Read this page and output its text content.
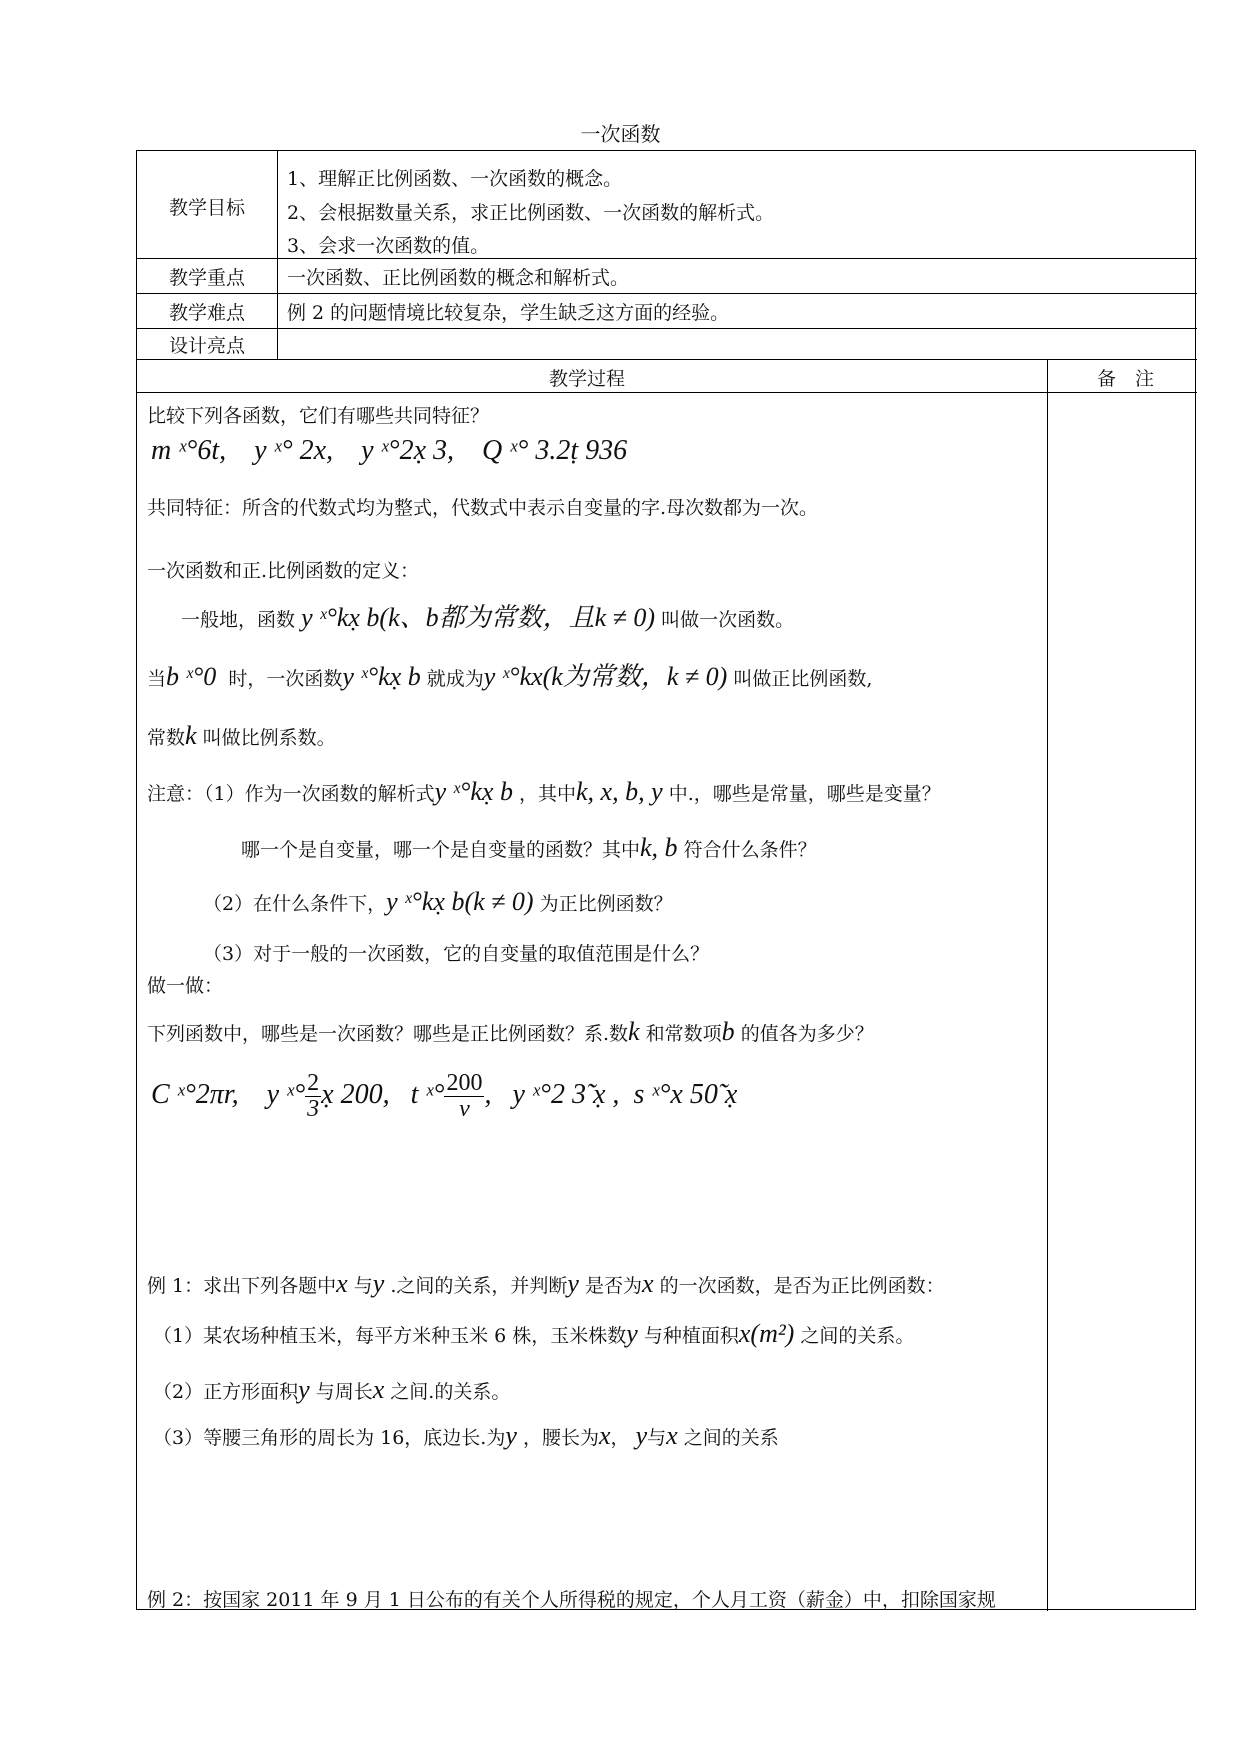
一次函数
教学目标
1、理解正比例函数、一次函数的概念。
2、会根据数量关系，求正比例函数、一次函数的解析式。
3、会求一次函数的值。
教学重点	一次函数、正比例函数的概念和解析式。
教学难点	例 2 的问题情境比较复杂，学生缺乏这方面的经验。
设计亮点
教学过程	备　注
比较下列各函数，它们有哪些共同特征？
m ˣ°6t, y ˣ° 2x, y ˣ°2x̣ 3, Q ˣ° 3.2ṭ 936
共同特征：所含的代数式均为整式，代数式中表示自变量的字.母次数都为一次。
一次函数和正.比例函数的定义：
一般地，函数 y ˣ°kx̣ b(k、b都为常数，且k ≠ 0) 叫做一次函数。
当b ˣ°0 时，一次函数y ˣ°kx̣ b 就成为y ˣ°kx(k为常数，k ≠ 0) 叫做正比例函数,
常数k 叫做比例系数。
注意：（1）作为一次函数的解析式y ˣ°kx̣ b ，其中k, x, b, y 中.，哪些是常量，哪些是变量？
哪一个是自变量，哪一个是自变量的函数？其中k, b 符合什么条件？
（2）在什么条件下，y ˣ°kx̣ b(k ≠ 0) 为正比例函数？
（3）对于一般的一次函数，它的自变量的取值范围是什么？
做一做：
下列函数中，哪些是一次函数？哪些是正比例函数？系.数k 和常数项b 的值各为多少？
C ˣ°2πr, y ˣ° $\frac{2}{3}$ x̣ 200, t ˣ° $\frac{200}{v}$ , y ˣ°2 3̃ x̣ , s ˣ°x 50̃ x̣
例 1：求出下列各题中x 与y .之间的关系，并判断y 是否为x 的一次函数，是否为正比例函数：
（1）某农场种植玉米，每平方米种玉米 6 株，玉米株数y 与种植面积x(m²) 之间的关系。
（2）正方形面积y 与周长x 之间.的关系。
（3）等腰三角形的周长为 16，底边长.为y ，腰长为x， y与x 之间的关系
例 2：按国家 2011 年 9 月 1 日公布的有关个人所得税的规定，个人月工资（薪金）中，扣除国家规
